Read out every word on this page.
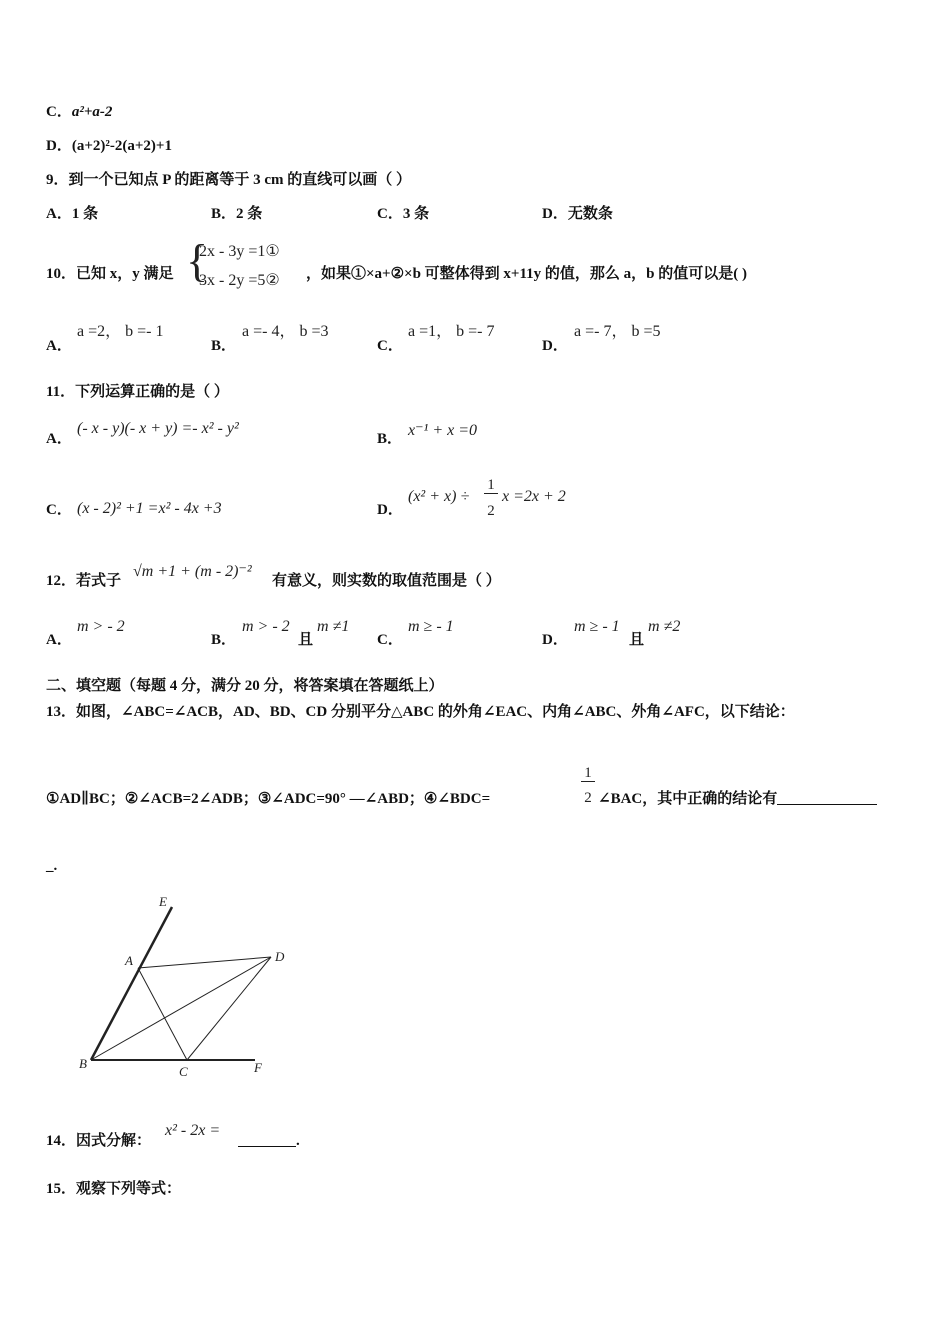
C．a²+a-2
D．(a+2)²-2(a+2)+1
9．到一个已知点 P 的距离等于 3 cm 的直线可以画（ ）
A．1 条	B．2 条	C．3 条	D．无数条
10．已知 x，y 满足 {
2x - 3y =1①
3x - 2y =5② ，如果①×a+②×b 可整体得到 x+11y 的值，那么 a，b 的值可以是( )
A．
a =2， b =- 1
B．
a =- 4， b =3
C．
a =1， b =- 7
D．
a =- 7， b =5
11．下列运算正确的是（ ）
A．
(- x - y)(- x + y) =- x² - y²
B． x⁻¹ + x =0
C． (x - 2)² +1 =x² - 4x +3	D．
(x² + x) ÷
1
2
x =2x + 2
12．若式子
√m +1 + (m - 2)⁻²
有意义，则实数的取值范围是（ ）
A．
m > - 2
B．
m > - 2
且
m ≠1
C．
m ≥ - 1
D．
m ≥ - 1
且
m ≠2
二、填空题（每题 4 分，满分 20 分，将答案填在答题纸上）
13．如图，∠ABC=∠ACB，AD、BD、CD 分别平分△ABC 的外角∠EAC、内角∠ABC、外角∠AFC，以下结论：
①AD∥BC；②∠ACB=2∠ADB；③∠ADC=90° —∠ABD；④∠BDC=
1
2 ∠BAC，其中正确的结论有
_.
E
A	D
B
C	F
14．因式分解：
x² - 2x =
.
15．观察下列等式：
